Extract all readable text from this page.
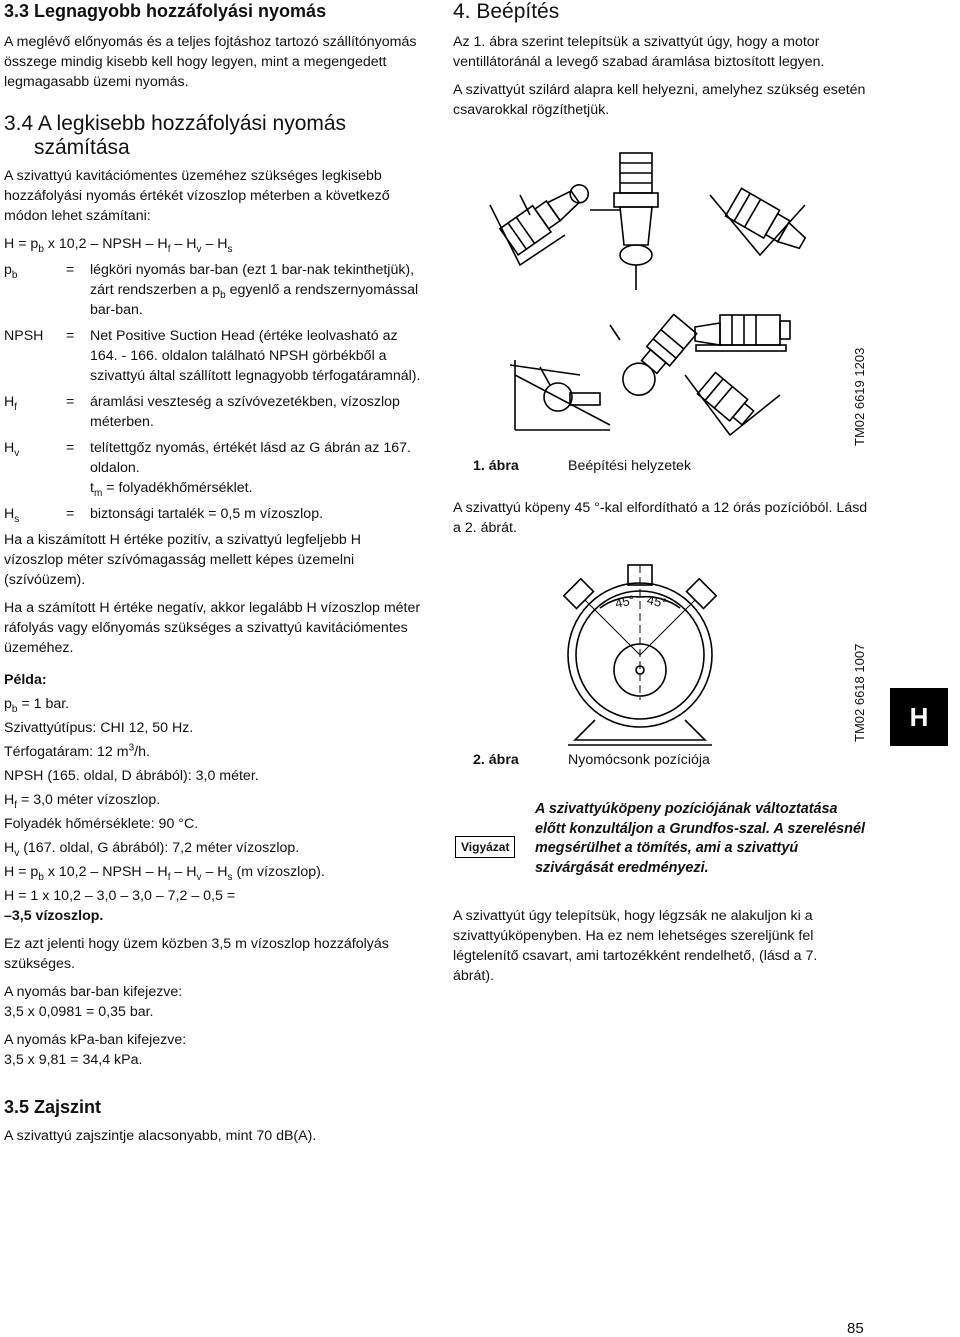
3.3 Legnagyobb hozzáfolyási nyomás

A meglévő előnyomás és a teljes fojtáshoz tartozó szállítónyomás összege mindig kisebb kell hogy legyen, mint a megengedett legmagasabb üzemi nyomás.

3.4 A legkisebb hozzáfolyási nyomás számítása

A szivattyú kavitációmentes üzeméhez szükséges legkisebb hozzáfolyási nyomás értékét vízoszlop méterben a következő módon lehet számítani:

$H = p_b$ x 10,2 – NPSH – $H_f - H_v - H_s$

$p_b$	=	légköri nyomás bar-ban (ezt 1 bar-nak tekinthetjük), zárt rendszerben a $p_b$ egyenlő a rendszernyomással bar-ban.
NPSH	=	Net Positive Suction Head (értéke leolvasható az 164. - 166. oldalon található NPSH görbékből a szivattyú által szállított legnagyobb térfogatáramnál).
$H_f$	=	áramlási veszteség a szívóvezetékben, vízoszlop méterben.
$H_v$	=	telítettgőz nyomás, értékét lásd az G ábrán az 167. oldalon.
$t_m$ = folyadékhőmérséklet.
$H_s$	=	biztonsági tartalék = 0,5 m vízoszlop.

Ha a kiszámított H értéke pozitív, a szivattyú legfeljebb H vízoszlop méter szívómagasság mellett képes üzemelni (szívóüzem).

Ha a számított H értéke negatív, akkor legalább H vízoszlop méter ráfolyás vagy előnyomás szükséges a szivattyú kavitációmentes üzeméhez.

Példa:

$p_b = 1$ bar.

Szivattyútípus: CHI 12, 50 Hz.

Térfogatáram: 12 $m^3/h$.

NPSH (165. oldal, D ábrából): 3,0 méter.

$H_f = 3,0$ méter vízoszlop.

Folyadék hőmérséklete: 90 °C.

$H_v$ (167. oldal, G ábrából): 7,2 méter vízoszlop.

$H = p_b$ x 10,2 – NPSH – $H_f - H_v - H_s$ (m vízoszlop).

H = 1 x 10,2 – 3,0 – 3,0 – 7,2 – 0,5 =

–3,5 vízoszlop.

Ez azt jelenti hogy üzem közben 3,5 m vízoszlop hozzáfolyás szükséges.

A nyomás bar-ban kifejezve:

3,5 x 0,0981 = 0,35 bar.

A nyomás kPa-ban kifejezve:

3,5 x 9,81 = 34,4 kPa.

3.5 Zajszint

A szivattyú zajszintje alacsonyabb, mint 70 dB(A).

4. Beépítés

Az 1. ábra szerint telepítsük a szivattyút úgy, hogy a motor ventillátoránál a levegő szabad áramlása biztosított legyen.

A szivattyút szilárd alapra kell helyezni, amelyhez szükség esetén csavarokkal rögzíthetjük.

1. ábra	Beépítési helyzetek
TM02 6619 1203

A szivattyú köpeny 45 °-kal elfordítható a 12 órás pozícióból. Lásd a 2. ábrát.

45° 45°
2. ábra	Nyomócsonk pozíciója
TM02 6618 1007	H
Vigyázat
A szivattyúköpeny pozíciójának változtatása előtt konzultáljon a Grundfos-szal. A szerelésnél megsérülhet a tömítés, ami a szivattyú szivárgását eredményezi.

A szivattyút úgy telepítsük, hogy légzsák ne alakuljon ki a szivattyúköpenyben. Ha ez nem lehetséges szereljünk fel légtelenítő csavart, ami tartozékként rendelhető, (lásd a 7. ábrát).

85
